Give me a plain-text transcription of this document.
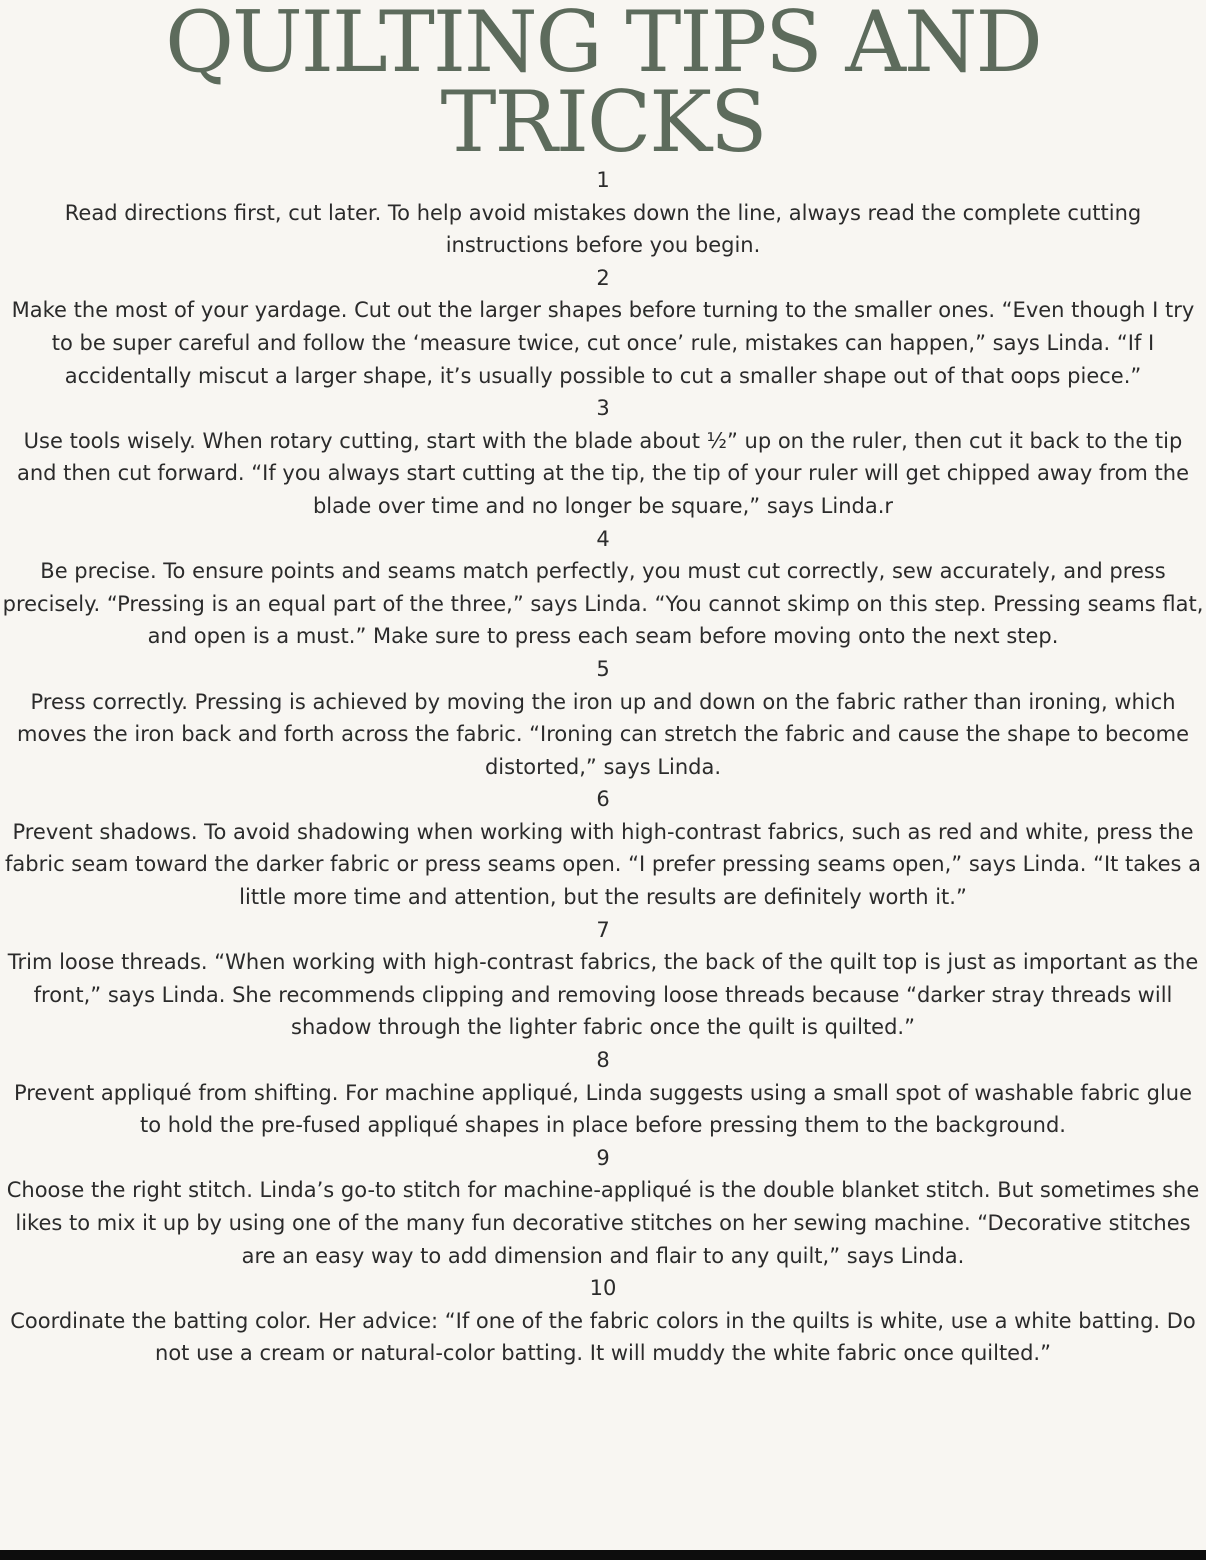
QUILTING TIPS AND TRICKS
1
Read directions first, cut later. To help avoid mistakes down the line, always read the complete cutting instructions before you begin.
2
Make the most of your yardage. Cut out the larger shapes before turning to the smaller ones. “Even though I try to be super careful and follow the ‘measure twice, cut once’ rule, mistakes can happen,” says Linda. “If I accidentally miscut a larger shape, it’s usually possible to cut a smaller shape out of that oops piece.”
3
Use tools wisely. When rotary cutting, start with the blade about ½” up on the ruler, then cut it back to the tip and then cut forward. “If you always start cutting at the tip, the tip of your ruler will get chipped away from the blade over time and no longer be square,” says Linda.r
4
Be precise. To ensure points and seams match perfectly, you must cut correctly, sew accurately, and press precisely. “Pressing is an equal part of the three,” says Linda. “You cannot skimp on this step. Pressing seams flat, and open is a must.” Make sure to press each seam before moving onto the next step.
5
Press correctly. Pressing is achieved by moving the iron up and down on the fabric rather than ironing, which moves the iron back and forth across the fabric. “Ironing can stretch the fabric and cause the shape to become distorted,” says Linda.
6
Prevent shadows. To avoid shadowing when working with high-contrast fabrics, such as red and white, press the fabric seam toward the darker fabric or press seams open. “I prefer pressing seams open,” says Linda. “It takes a little more time and attention, but the results are definitely worth it.”
7
Trim loose threads. “When working with high-contrast fabrics, the back of the quilt top is just as important as the front,” says Linda. She recommends clipping and removing loose threads because “darker stray threads will shadow through the lighter fabric once the quilt is quilted.”
8
Prevent appliqué from shifting. For machine appliqué, Linda suggests using a small spot of washable fabric glue to hold the pre-fused appliqué shapes in place before pressing them to the background.
9
Choose the right stitch. Linda’s go-to stitch for machine-appliqué is the double blanket stitch. But sometimes she likes to mix it up by using one of the many fun decorative stitches on her sewing machine. “Decorative stitches are an easy way to add dimension and flair to any quilt,” says Linda.
10
Coordinate the batting color. Her advice: “If one of the fabric colors in the quilts is white, use a white batting. Do not use a cream or natural-color batting. It will muddy the white fabric once quilted.”
